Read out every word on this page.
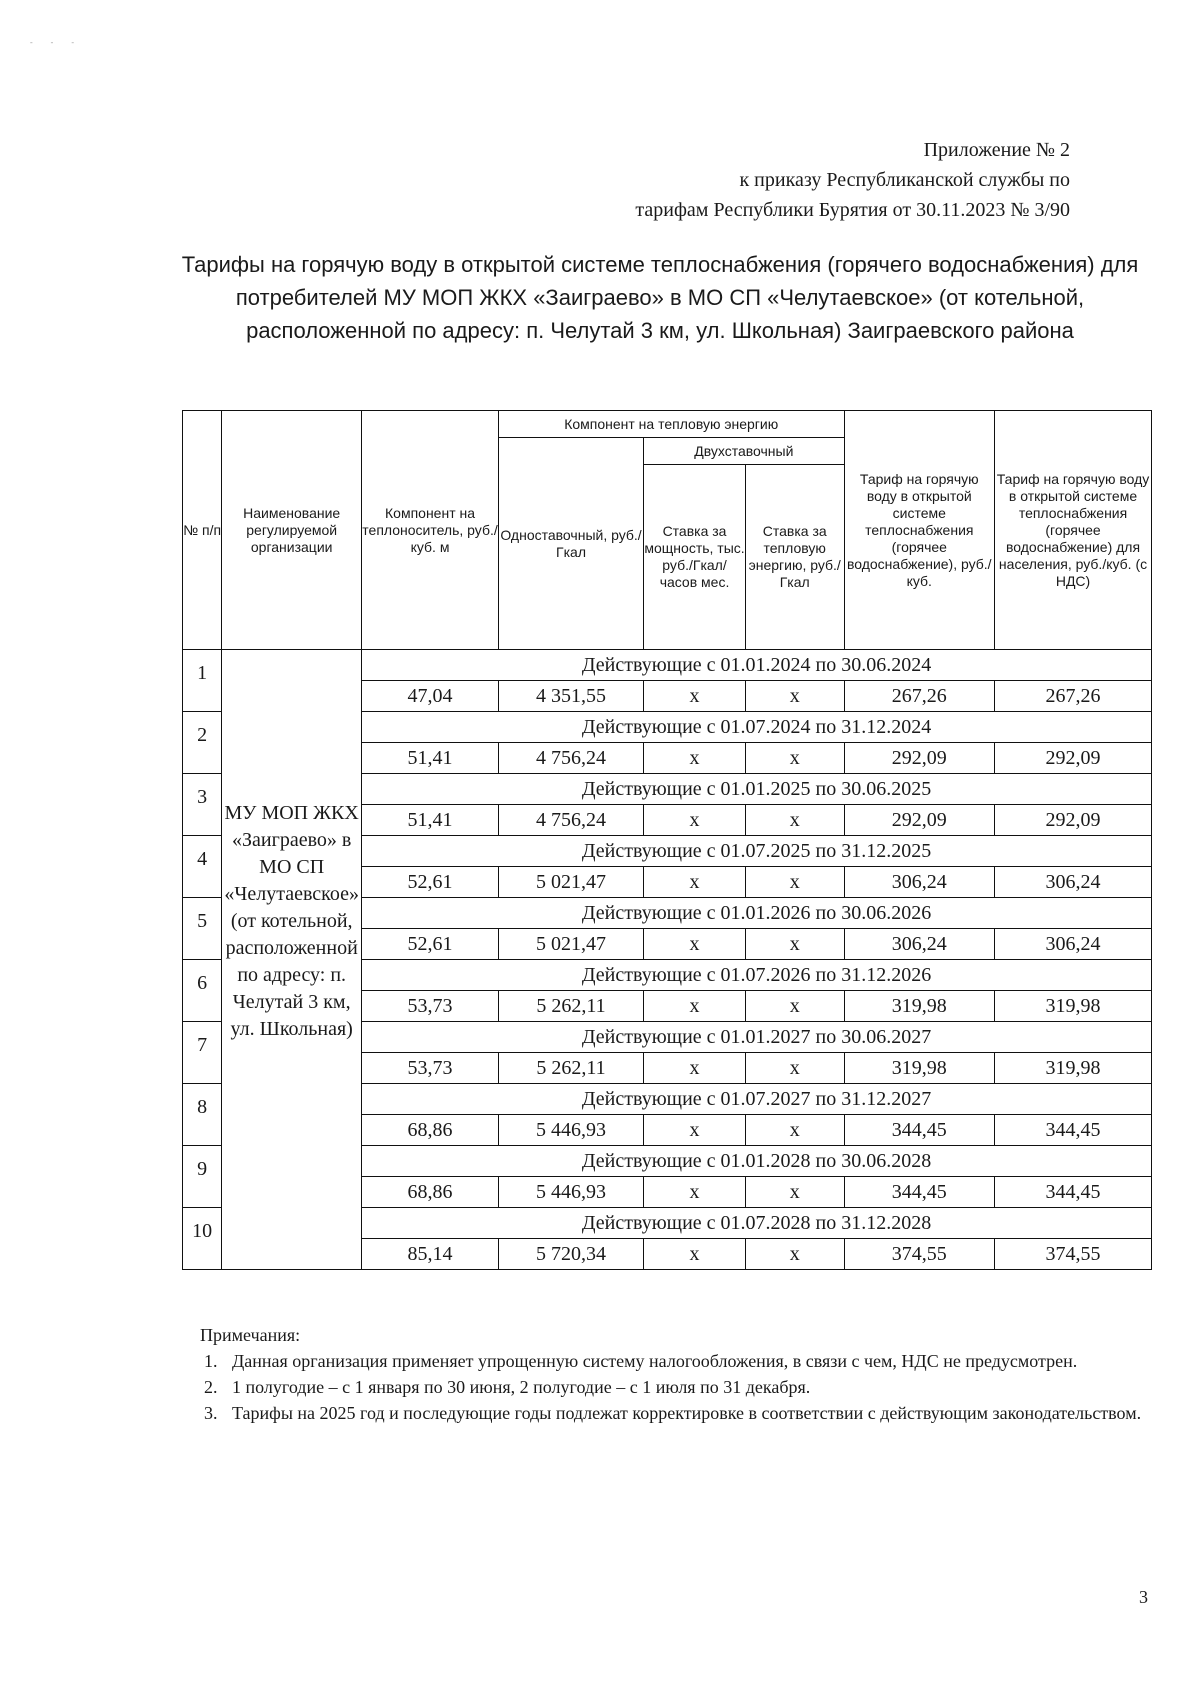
- - -
Приложение № 2
к приказу Республиканской службы по
тарифам Республики Бурятия от 30.11.2023 № 3/90
Тарифы на горячую воду в открытой системе теплоснабжения (горячего водоснабжения) для потребителей МУ МОП ЖКХ «Заиграево» в МО СП «Челутаевское» (от котельной, расположенной по адресу: п. Челутай 3 км, ул. Школьная) Заиграевского района
№ п/п	Наименование регулируемой организации	Компонент на теплоноситель, руб./куб. м	Компонент на тепловую энергию			Тариф на горячую воду в открытой системе теплоснабжения (горячее водоснабжение), руб./куб.	Тариф на горячую воду в открытой системе теплоснабжения (горячее водоснабжение) для населения, руб./куб. (с НДС)
			Одноставочный, руб./Гкал	Двухставочный			
				Ставка за мощность, тыс. руб./Гкал/часов мес.	Ставка за тепловую энергию, руб./Гкал		
1	МУ МОП ЖКХ «Заиграево» в МО СП «Челутаевское» (от котельной, расположенной по адресу: п. Челутай 3 км, ул. Школьная)	Действующие с 01.01.2024 по 30.06.2024					
		47,04	4 351,55	x	x	267,26	267,26
2		Действующие с 01.07.2024 по 31.12.2024					
		51,41	4 756,24	x	x	292,09	292,09
3		Действующие с 01.01.2025 по 30.06.2025					
		51,41	4 756,24	x	x	292,09	292,09
4		Действующие с 01.07.2025 по 31.12.2025					
		52,61	5 021,47	x	x	306,24	306,24
5		Действующие с 01.01.2026 по 30.06.2026					
		52,61	5 021,47	x	x	306,24	306,24
6		Действующие с 01.07.2026 по 31.12.2026					
		53,73	5 262,11	x	x	319,98	319,98
7		Действующие с 01.01.2027 по 30.06.2027					
		53,73	5 262,11	x	x	319,98	319,98
8		Действующие с 01.07.2027 по 31.12.2027					
		68,86	5 446,93	x	x	344,45	344,45
9		Действующие с 01.01.2028 по 30.06.2028					
		68,86	5 446,93	x	x	344,45	344,45
10		Действующие с 01.07.2028 по 31.12.2028					
		85,14	5 720,34	x	x	374,55	374,55
Примечания:
1. Данная организация применяет упрощенную систему налогообложения, в связи с чем, НДС не предусмотрен.
2. 1 полугодие – с 1 января по 30 июня, 2 полугодие – с 1 июля по 31 декабря.
3. Тарифы на 2025 год и последующие годы подлежат корректировке в соответствии с действующим законодательством.
3
